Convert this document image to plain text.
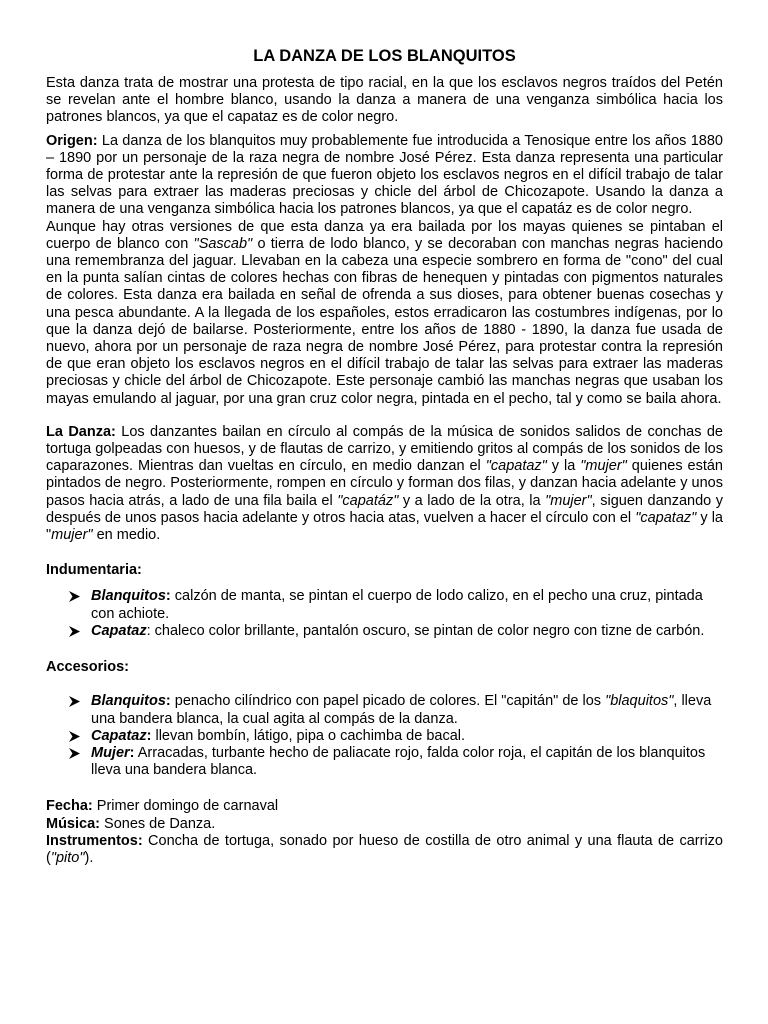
LA DANZA DE LOS BLANQUITOS

Esta danza trata de mostrar una protesta de tipo racial, en la que los esclavos negros traídos del Petén se revelan ante el hombre blanco, usando la danza a manera de una venganza simbólica hacia los patrones blancos, ya que el capataz es de color negro.

Origen: La danza de los blanquitos muy probablemente fue introducida a Tenosique entre los años 1880 – 1890 por un personaje de la raza negra de nombre José Pérez. Esta danza representa una particular forma de protestar ante la represión de que fueron objeto los esclavos negros en el difícil trabajo de talar las selvas para extraer las maderas preciosas y chicle del árbol de Chicozapote. Usando la danza a manera de una venganza simbólica hacia los patrones blancos, ya que el capatáz es de color negro.

Aunque hay otras versiones de que esta danza ya era bailada por los mayas quienes se pintaban el cuerpo de blanco con "Sascab" o tierra de lodo blanco, y se decoraban con manchas negras haciendo una remembranza del jaguar. Llevaban en la cabeza una especie sombrero en forma de "cono" del cual en la punta salían cintas de colores hechas con fibras de henequen y pintadas con pigmentos naturales de colores. Esta danza era bailada en señal de ofrenda a sus dioses, para obtener buenas cosechas y una pesca abundante. A la llegada de los españoles, estos erradicaron las costumbres indígenas, por lo que la danza dejó de bailarse. Posteriormente, entre los años de 1880 - 1890, la danza fue usada de nuevo, ahora por un personaje de raza negra de nombre José Pérez, para protestar contra la represión de que eran objeto los esclavos negros en el difícil trabajo de talar las selvas para extraer las maderas preciosas y chicle del árbol de Chicozapote. Este personaje cambió las manchas negras que usaban los mayas emulando al jaguar, por una gran cruz color negra, pintada en el pecho, tal y como se baila ahora.

La Danza: Los danzantes bailan en círculo al compás de la música de sonidos salidos de conchas de tortuga golpeadas con huesos, y de flautas de carrizo, y emitiendo gritos al compás de los sonidos de los caparazones. Mientras dan vueltas en círculo, en medio danzan el "capataz" y la "mujer" quienes están pintados de negro. Posteriormente, rompen en círculo y forman dos filas, y danzan hacia adelante y unos pasos hacia atrás, a lado de una fila baila el "capatáz" y a lado de la otra, la "mujer", siguen danzando y después de unos pasos hacia adelante y otros hacia atas, vuelven a hacer el círculo con el "capataz" y la "mujer" en medio.

Indumentaria:

Blanquitos: calzón de manta, se pintan el cuerpo de lodo calizo, en el pecho una cruz, pintada con achiote.
Capataz: chaleco color brillante, pantalón oscuro, se pintan de color negro con tizne de carbón.

Accesorios:

Blanquitos: penacho cilíndrico con papel picado de colores. El "capitán" de los "blaquitos", lleva una bandera blanca, la cual agita al compás de la danza.
Capataz: llevan bombín, látigo, pipa o cachimba de bacal.
Mujer: Arracadas, turbante hecho de paliacate rojo, falda color roja, el capitán de los blanquitos lleva una bandera blanca.

Fecha: Primer domingo de carnaval

Música: Sones de Danza.

Instrumentos: Concha de tortuga, sonado por hueso de costilla de otro animal y una flauta de carrizo ("pito").
